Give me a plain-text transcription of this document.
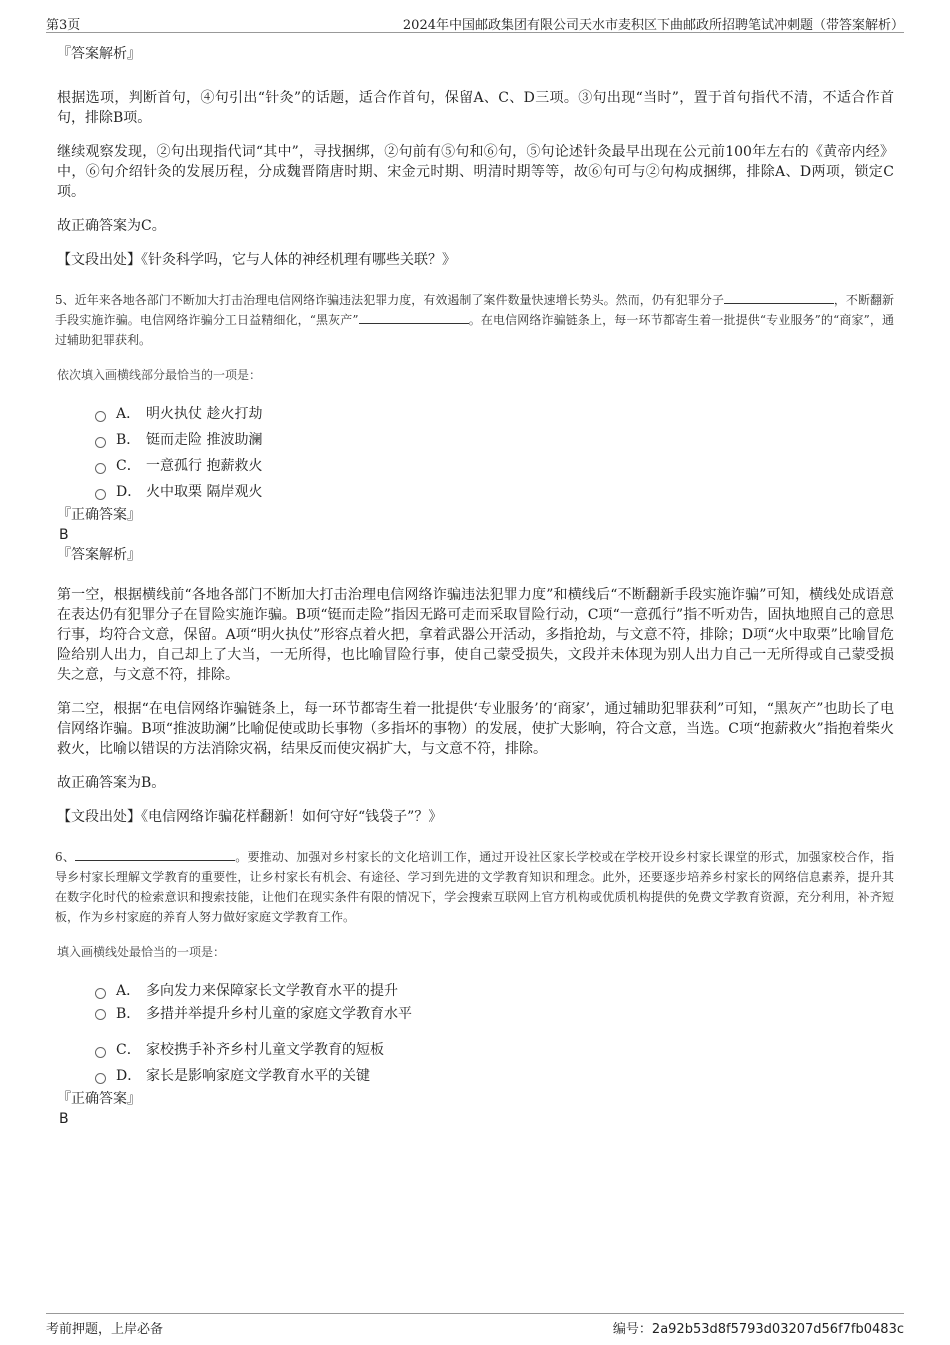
第3页	2024年中国邮政集团有限公司天水市麦积区下曲邮政所招聘笔试冲刺题（带答案解析）

『答案解析』

根据选项，判断首句，④句引出“针灸”的话题，适合作首句，保留A、C、D三项。③句出现“当时”，置于首句指代不清，不适合作首句，排除B项。

继续观察发现，②句出现指代词“其中”，寻找捆绑，②句前有⑤句和⑥句，⑤句论述针灸最早出现在公元前100年左右的《黄帝内经》中，⑥句介绍针灸的发展历程，分成魏晋隋唐时期、宋金元时期、明清时期等等，故⑥句可与②句构成捆绑，排除A、D两项，锁定C项。

故正确答案为C。

【文段出处】《针灸科学吗，它与人体的神经机理有哪些关联？》

5、近年来各地各部门不断加大打击治理电信网络诈骗违法犯罪力度，有效遏制了案件数量快速增长势头。然而，仍有犯罪分子	，不断翻新手段实施诈骗。电信网络诈骗分工日益精细化，“黑灰产”	。在电信网络诈骗链条上，每一环节都寄生着一批提供“专业服务”的“商家”，通过辅助犯罪获利。

依次填入画横线部分最恰当的一项是：

A． 明火执仗 趁火打劫
B． 铤而走险 推波助澜
C． 一意孤行 抱薪救火
D． 火中取栗 隔岸观火

『正确答案』

B

『答案解析』

第一空，根据横线前“各地各部门不断加大打击治理电信网络诈骗违法犯罪力度”和横线后“不断翻新手段实施诈骗”可知，横线处成语意在表达仍有犯罪分子在冒险实施诈骗。B项“铤而走险”指因无路可走而采取冒险行动，C项“一意孤行”指不听劝告，固执地照自己的意思行事，均符合文意，保留。A项“明火执仗”形容点着火把，拿着武器公开活动，多指抢劫，与文意不符，排除；D项“火中取栗”比喻冒危险给别人出力，自己却上了大当，一无所得，也比喻冒险行事，使自己蒙受损失，文段并未体现为别人出力自己一无所得或自己蒙受损失之意，与文意不符，排除。

第二空，根据“在电信网络诈骗链条上，每一环节都寄生着一批提供‘专业服务’的‘商家’，通过辅助犯罪获利”可知，“黑灰产”也助长了电信网络诈骗。B项“推波助澜”比喻促使或助长事物（多指坏的事物）的发展，使扩大影响，符合文意，当选。C项“抱薪救火”指抱着柴火救火，比喻以错误的方法消除灾祸，结果反而使灾祸扩大，与文意不符，排除。

故正确答案为B。

【文段出处】《电信网络诈骗花样翻新！如何守好“钱袋子”？》

6、	。要推动、加强对乡村家长的文化培训工作，通过开设社区家长学校或在学校开设乡村家长课堂的形式，加强家校合作，指导乡村家长理解文学教育的重要性，让乡村家长有机会、有途径、学习到先进的文学教育知识和理念。此外，还要逐步培养乡村家长的网络信息素养，提升其在数字化时代的检索意识和搜索技能，让他们在现实条件有限的情况下，学会搜索互联网上官方机构或优质机构提供的免费文学教育资源，充分利用，补齐短板，作为乡村家庭的养育人努力做好家庭文学教育工作。

填入画横线处最恰当的一项是：

A． 多向发力来保障家长文学教育水平的提升
B． 多措并举提升乡村儿童的家庭文学教育水平
C． 家校携手补齐乡村儿童文学教育的短板
D． 家长是影响家庭文学教育水平的关键

『正确答案』

B

考前押题，上岸必备	编号：2a92b53d8f5793d03207d56f7fb0483c
